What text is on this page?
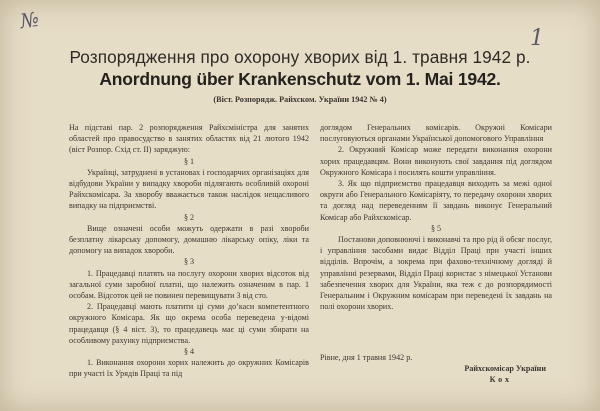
№
1
Розпорядження про охорону хворих від 1. травня 1942 р.
Anordnung über Krankenschutz vom 1. Mai 1942.
(Віст. Розпорядж. Райхском. України 1942 № 4)

На підставі пар. 2 розпорядження Райхсміністра для занятих областей про правосудство в занятих областях від 21 лютого 1942 (віст Розпор. Схід ст. II) заряджую:

§ 1

Українці, затруднені в установах і господарчих організаціях для відбудови України у випадку хвороби підлягають особливій охороні Райхскомісара. За хворобу вважається також наслідок нещасливого випадку на підприємстві.

§ 2

Вище означені особи можуть одержати в разі хвороби безплатну лікарську допомогу, домашню лікарську опіку, ліки та допомогу на випадок хвороби.

§ 3

1. Працедавці платять на послугу охорони хворих відсоток від загальної суми заробної платні, що належить означеним в пар. 1 особам. Відсоток цей не повинен перевищувати 3 від сто.

2. Працедавці мають платити ці суми до’каси компетентного окружного Комісара. Як що окрема особа переведена у-відомі працедавця (§ 4 віст. 3), то працедавець має ці суми збирати на особливому рахунку підприємства.

§ 4

1. Виконання охорони хорих належить до окружних Комісарів при участі їх Урядів Праці та під

доглядом Генеральних комісарів. Окружні Комісари послуговуються органами Української допомогового Управління

2. Окружний Комісар може передати виконання охорони хорих працедавцям. Вони виконують свої завдання під доглядом Окружного Комісара і посилять кошти управління.

3. Як що підприємство працедавця виходить за межі одної округи або Генерального Комісаріяту, то передачу охорони хворих та догляд над переведенням її завдань виконує Генеральний Комісар або Райхскомісар.

§ 5

Постанови доповнюючі і виконавчі та про рід й обсяг послуг, і управління засобами видає Відділ Праці при участі інших відділів. Впрочім, а зокрема при фахово-технічному догляді й управлінні резервами, Відділ Праці користає з німецької Установи забезпечення хворих для України, яка теж є до розпорядимості Генеральним і Окружним комісарам при переведені їх завдань на полі охорони хворих.

Рівне, дня 1 травня 1942 р.
Райхскомісар України
Кох
